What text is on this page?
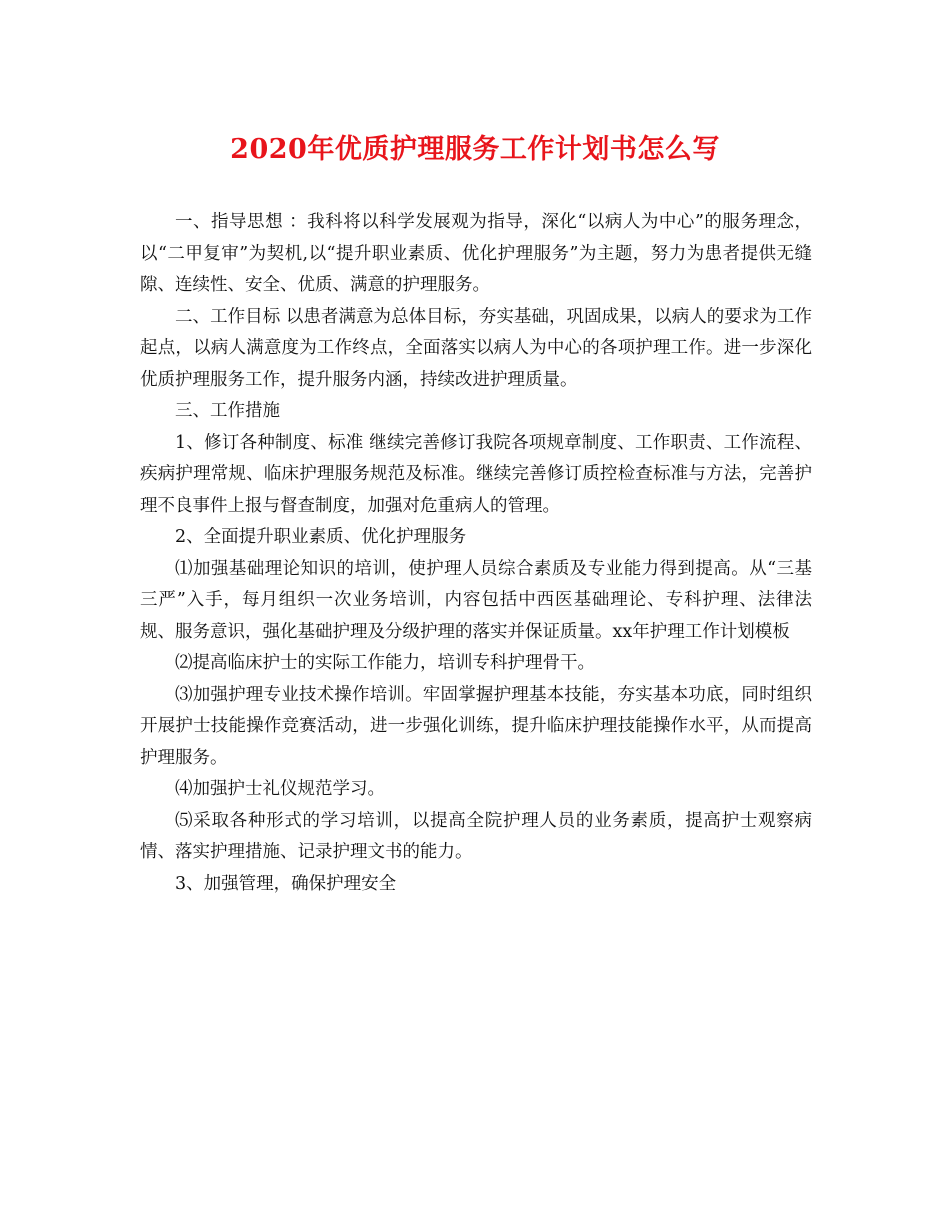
2020年优质护理服务工作计划书怎么写

一、指导思想 ：我科将以科学发展观为指导，深化“以病人为中心”的服务理念，以“二甲复审”为契机,以“提升职业素质、优化护理服务”为主题，努力为患者提供无缝隙、连续性、安全、优质、满意的护理服务。

二、工作目标 以患者满意为总体目标，夯实基础，巩固成果，以病人的要求为工作起点，以病人满意度为工作终点，全面落实以病人为中心的各项护理工作。进一步深化优质护理服务工作，提升服务内涵，持续改进护理质量。

三、工作措施

1、修订各种制度、标准 继续完善修订我院各项规章制度、工作职责、工作流程、疾病护理常规、临床护理服务规范及标准。继续完善修订质控检查标准与方法，完善护理不良事件上报与督查制度，加强对危重病人的管理。

2、全面提升职业素质、优化护理服务

⑴加强基础理论知识的培训，使护理人员综合素质及专业能力得到提高。从“三基三严”入手，每月组织一次业务培训，内容包括中西医基础理论、专科护理、法律法规、服务意识，强化基础护理及分级护理的落实并保证质量。xx年护理工作计划模板

⑵提高临床护士的实际工作能力，培训专科护理骨干。

⑶加强护理专业技术操作培训。牢固掌握护理基本技能，夯实基本功底，同时组织开展护士技能操作竞赛活动，进一步强化训练，提升临床护理技能操作水平，从而提高护理服务。

⑷加强护士礼仪规范学习。

⑸采取各种形式的学习培训，以提高全院护理人员的业务素质，提高护士观察病情、落实护理措施、记录护理文书的能力。

3、加强管理，确保护理安全
